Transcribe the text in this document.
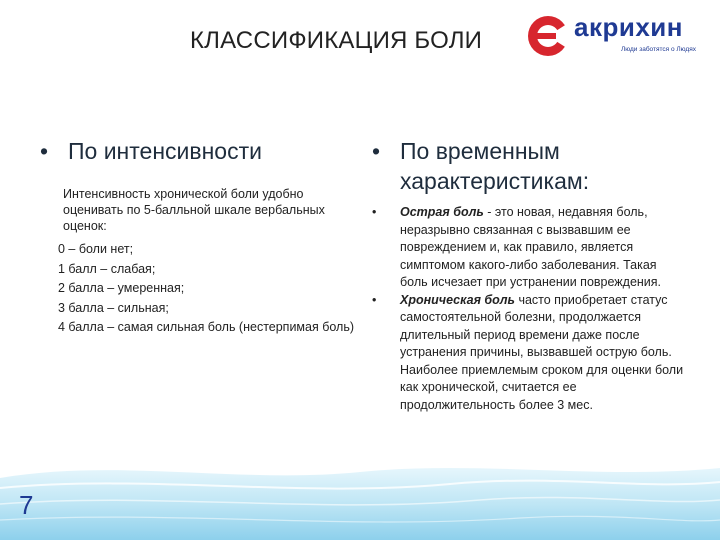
КЛАССИФИКАЦИЯ БОЛИ	акрихин
Люди заботятся о Людях
• По интенсивности
Интенсивность хронической боли удобно оценивать по 5-балльной шкале вербальных оценок:
0 – боли нет;
1 балл – слабая;
2 балла – умеренная;
3 балла – сильная;
4 балла – самая сильная боль (нестерпимая боль)
• По временным характеристикам:
•	Острая боль - это новая, недавняя боль, неразрывно связанная с вызвавшим ее повреждением и, как правило, является симптомом какого-либо заболевания. Такая боль исчезает при устранении повреждения.
•	Хроническая боль часто приобретает статус самостоятельной болезни, продолжается длительный период времени даже после устранения причины, вызвавшей острую боль. Наиболее приемлемым сроком для оценки боли как хронической, считается ее продолжительность более 3 мес.
7
